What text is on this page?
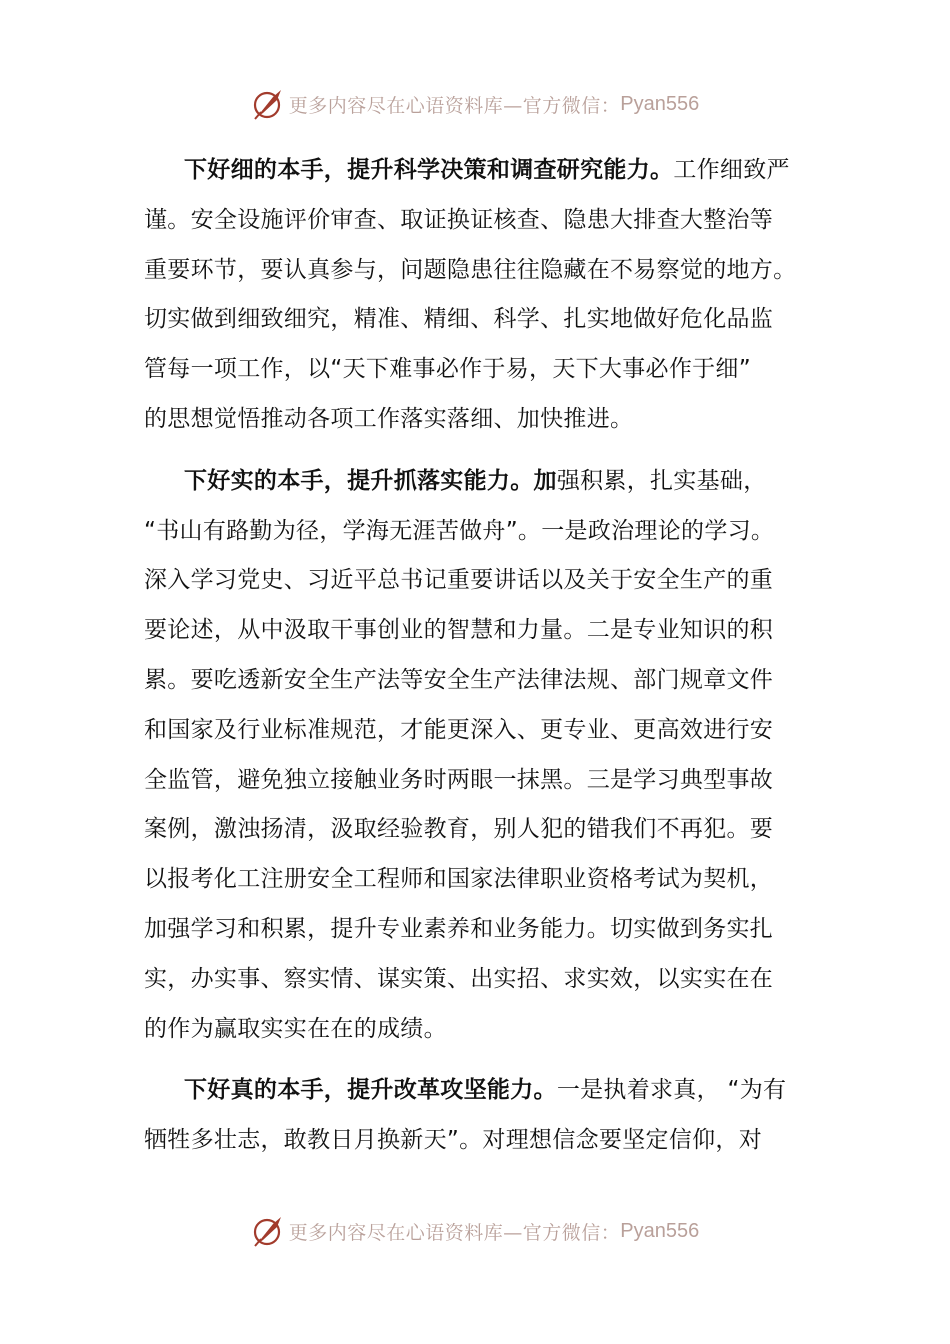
更多内容尽在心语资料库—官方微信： Pyan556
下好细的本手，提升科学决策和调查研究能力。工作细致严
谨。安全设施评价审查、取证换证核查、隐患大排查大整治等
重要环节，要认真参与，问题隐患往往隐藏在不易察觉的地方。
切实做到细致细究，精准、精细、科学、扎实地做好危化品监
管每一项工作，以“天下难事必作于易，天下大事必作于细”
的思想觉悟推动各项工作落实落细、加快推进。
下好实的本手，提升抓落实能力。加强积累，扎实基础，
“书山有路勤为径，学海无涯苦做舟”。一是政治理论的学习。
深入学习党史、习近平总书记重要讲话以及关于安全生产的重
要论述，从中汲取干事创业的智慧和力量。二是专业知识的积
累。要吃透新安全生产法等安全生产法律法规、部门规章文件
和国家及行业标准规范，才能更深入、更专业、更高效进行安
全监管，避免独立接触业务时两眼一抹黑。三是学习典型事故
案例，激浊扬清，汲取经验教育，别人犯的错我们不再犯。要
以报考化工注册安全工程师和国家法律职业资格考试为契机，
加强学习和积累，提升专业素养和业务能力。切实做到务实扎
实，办实事、察实情、谋实策、出实招、求实效，以实实在在
的作为赢取实实在在的成绩。
下好真的本手，提升改革攻坚能力。一是执着求真， “为有
牺牲多壮志，敢教日月换新天”。对理想信念要坚定信仰，对
更多内容尽在心语资料库—官方微信： Pyan556
